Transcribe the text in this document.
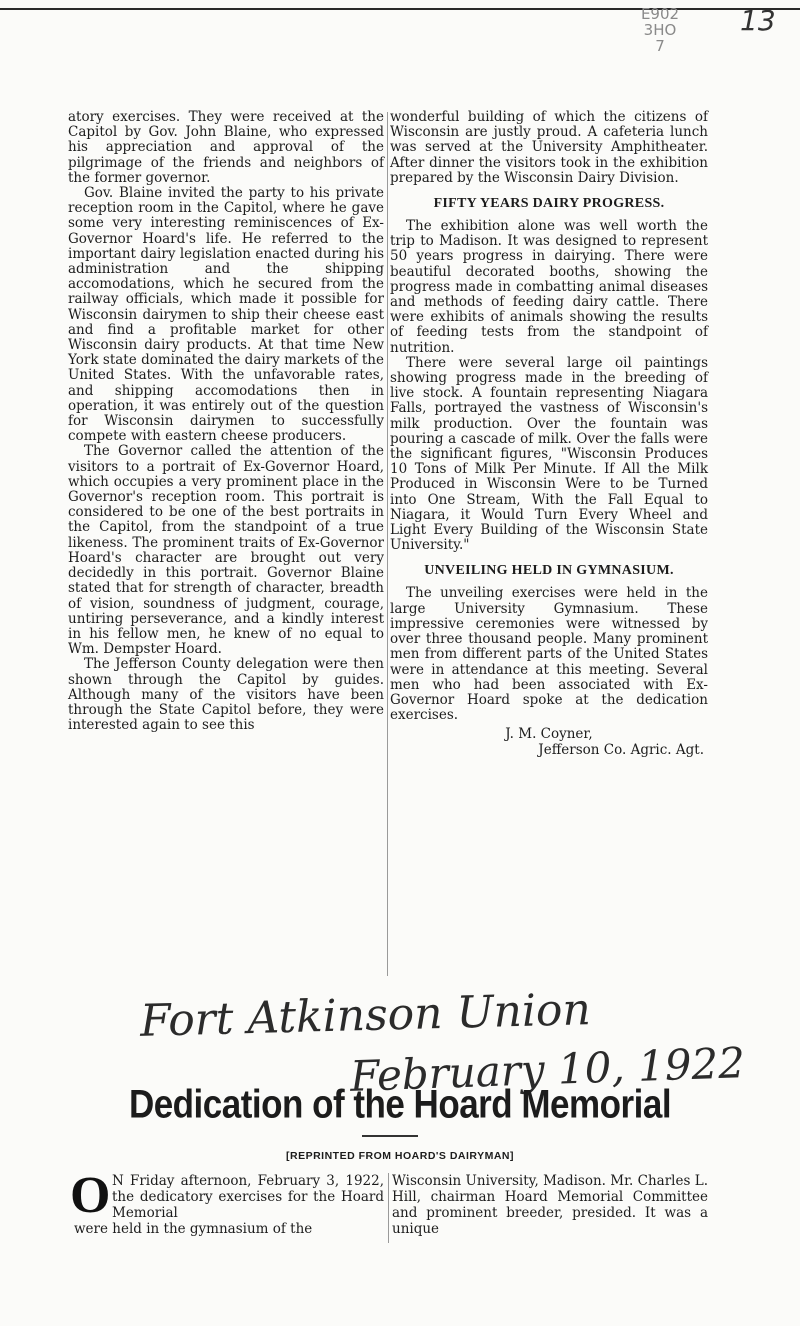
E902
3HO
7
13

atory exercises. They were received at the Capitol by Gov. John Blaine, who expressed his appreciation and approval of the pilgrimage of the friends and neighbors of the former governor.

Gov. Blaine invited the party to his private reception room in the Capitol, where he gave some very interesting reminiscences of Ex-Governor Hoard's life. He referred to the important dairy legislation enacted during his administration and the shipping accomodations, which he secured from the railway officials, which made it possible for Wisconsin dairymen to ship their cheese east and find a profitable market for other Wisconsin dairy products. At that time New York state dominated the dairy markets of the United States. With the unfavorable rates, and shipping accomodations then in operation, it was entirely out of the question for Wisconsin dairymen to successfully compete with eastern cheese producers.

The Governor called the attention of the visitors to a portrait of Ex-Governor Hoard, which occupies a very prominent place in the Governor's reception room. This portrait is considered to be one of the best portraits in the Capitol, from the standpoint of a true likeness. The prominent traits of Ex-Governor Hoard's character are brought out very decidedly in this portrait. Governor Blaine stated that for strength of character, breadth of vision, soundness of judgment, courage, untiring perseverance, and a kindly interest in his fellow men, he knew of no equal to Wm. Dempster Hoard.

The Jefferson County delegation were then shown through the Capitol by guides. Although many of the visitors have been through the State Capitol before, they were interested again to see this

wonderful building of which the citizens of Wisconsin are justly proud. A cafeteria lunch was served at the University Amphitheater. After dinner the visitors took in the exhibition prepared by the Wisconsin Dairy Division.

FIFTY YEARS DAIRY PROGRESS.

The exhibition alone was well worth the trip to Madison. It was designed to represent 50 years progress in dairying. There were beautiful decorated booths, showing the progress made in combatting animal diseases and methods of feeding dairy cattle. There were exhibits of animals showing the results of feeding tests from the standpoint of nutrition.

There were several large oil paintings showing progress made in the breeding of live stock. A fountain representing Niagara Falls, portrayed the vastness of Wisconsin's milk production. Over the fountain was pouring a cascade of milk. Over the falls were the significant figures, "Wisconsin Produces 10 Tons of Milk Per Minute. If All the Milk Produced in Wisconsin Were to be Turned into One Stream, With the Fall Equal to Niagara, it Would Turn Every Wheel and Light Every Building of the Wisconsin State University."

UNVEILING HELD IN GYMNASIUM.

The unveiling exercises were held in the large University Gymnasium. These impressive ceremonies were witnessed by over three thousand people. Many prominent men from different parts of the United States were in attendance at this meeting. Several men who had been associated with Ex-Governor Hoard spoke at the dedication exercises.

J. M. Coyner,
Jefferson Co. Agric. Agt.
Fort Atkinson Union
February 10, 1922
Dedication of the Hoard Memorial
[REPRINTED FROM HOARD'S DAIRYMAN]
O N Friday afternoon, February 3, 1922, the dedicatory exercises for the Hoard Memorial
were held in the gymnasium of the
Wisconsin University, Madison. Mr. Charles L. Hill, chairman Hoard Memorial Committee and prominent breeder, presided. It was a unique
